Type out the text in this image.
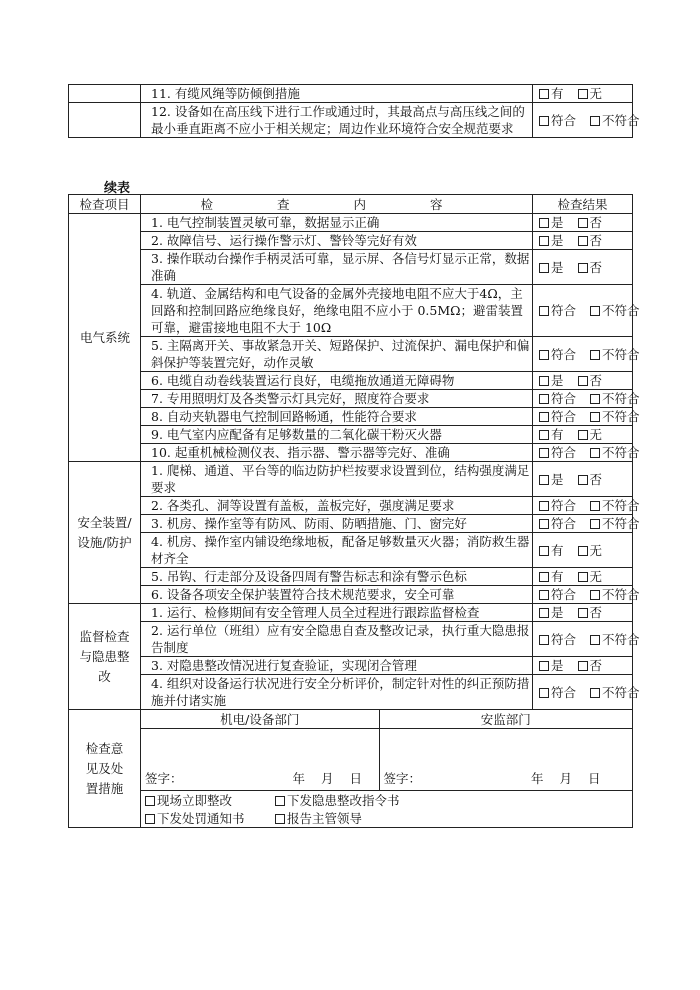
	11. 有缆风绳等防倾倒措施	有 无
	12. 设备如在高压线下进行工作或通过时，其最高点与高压线之间的最小垂直距离不应小于相关规定；周边作业环境符合安全规范要求	符合 不符合
续表
检查项目	检 查 内 容	检查结果

电气系统
	1. 电气控制装置灵敏可靠，数据显示正确	是 否
2. 故障信号、运行操作警示灯、警铃等完好有效	是 否
3. 操作联动台操作手柄灵活可靠，显示屏、各信号灯显示正常，数据准确	是 否
4. 轨道、金属结构和电气设备的金属外壳接地电阻不应大于4Ω，主回路和控制回路应绝缘良好，绝缘电阻不应小于 0.5MΩ；避雷装置可靠，避雷接地电阻不大于 10Ω	符合 不符合
5. 主隔离开关、事故紧急开关、短路保护、过流保护、漏电保护和偏斜保护等装置完好，动作灵敏	符合 不符合
6. 电缆自动卷线装置运行良好，电缆拖放通道无障碍物	是 否
7. 专用照明灯及各类警示灯具完好，照度符合要求	符合 不符合
8. 自动夹轨器电气控制回路畅通，性能符合要求	符合 不符合
9. 电气室内应配备有足够数量的二氧化碳干粉灭火器	有 无
10. 起重机械检测仪表、指示器、警示器等完好、准确	符合 不符合

安全装置/设施/防护
	1. 爬梯、通道、平台等的临边防护栏按要求设置到位，结构强度满足要求	是 否
2. 各类孔、洞等设置有盖板，盖板完好，强度满足要求	符合 不符合
3. 机房、操作室等有防风、防雨、防晒措施、门、窗完好	符合 不符合
4. 机房、操作室内铺设绝缘地板，配备足够数量灭火器；消防救生器材齐全	有 无
5. 吊钩、行走部分及设备四周有警告标志和涂有警示色标	有 无
6. 设备各项安全保护装置符合技术规范要求，安全可靠	符合 不符合

监督检查与隐患整改
	1. 运行、检修期间有安全管理人员全过程进行跟踪监督检查	是 否
2. 运行单位（班组）应有安全隐患自查及整改记录，执行重大隐患报告制度	符合 不符合
3. 对隐患整改情况进行复查验证，实现闭合管理	是 否
4. 组织对设备运行状况进行安全分析评价，制定针对性的纠正预防措施并付诸实施	符合 不符合

检查意见及处置措施

机电/设备部门	安监部门
签字：	年 月 日	签字：	年 月 日

现场立即整改	下发隐患整改指令书
下发处罚通知书	报告主管领导
